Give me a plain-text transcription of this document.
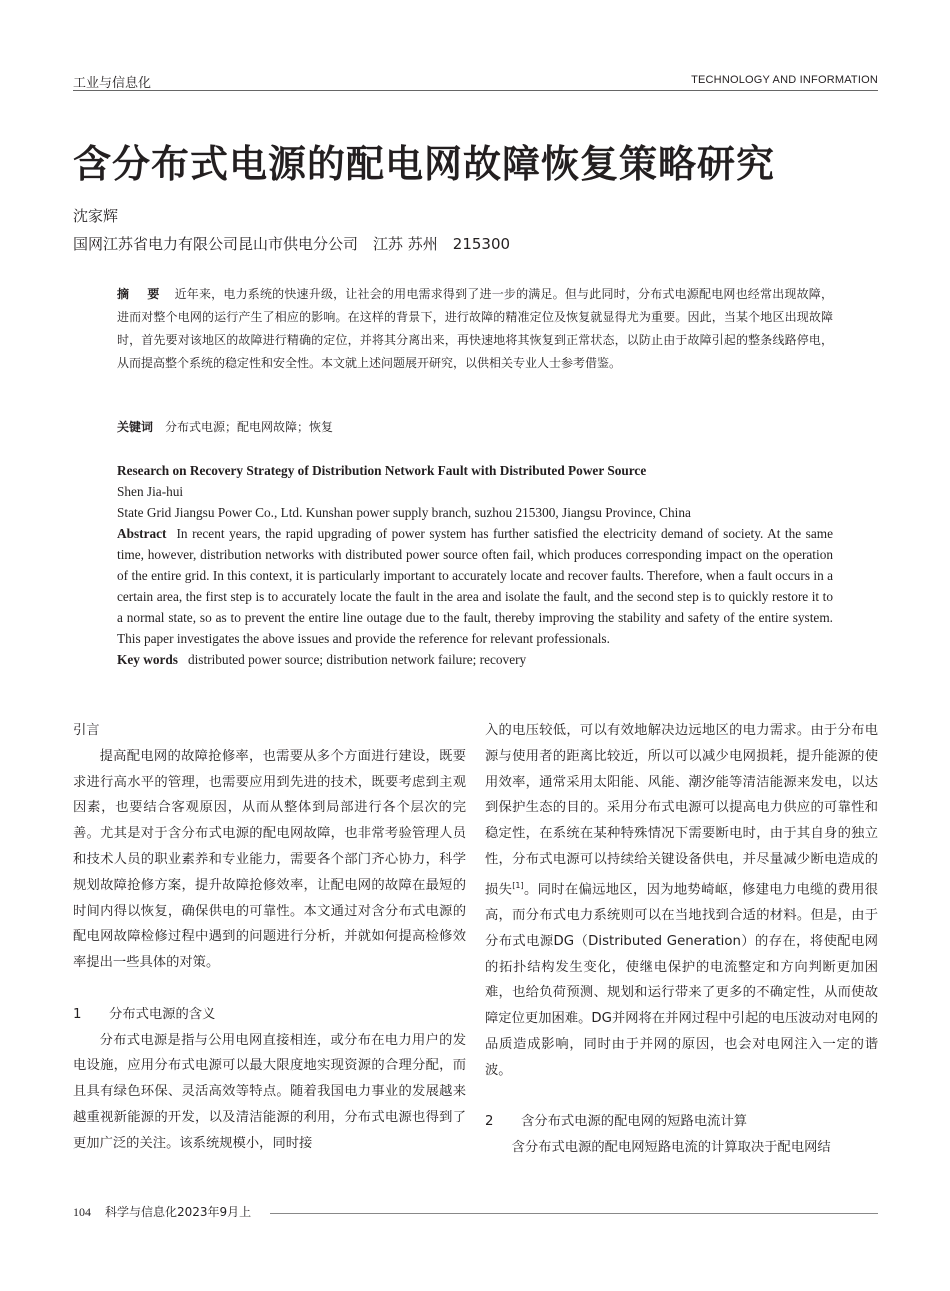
工业与信息化	TECHNOLOGY AND INFORMATION
含分布式电源的配电网故障恢复策略研究
沈家辉
国网江苏省电力有限公司昆山市供电分公司　江苏 苏州　215300
摘　要 近年来，电力系统的快速升级，让社会的用电需求得到了进一步的满足。但与此同时，分布式电源配电网也经常出现故障，进而对整个电网的运行产生了相应的影响。在这样的背景下，进行故障的精准定位及恢复就显得尤为重要。因此，当某个地区出现故障时，首先要对该地区的故障进行精确的定位，并将其分离出来，再快速地将其恢复到正常状态，以防止由于故障引起的整条线路停电，从而提高整个系统的稳定性和安全性。本文就上述问题展开研究，以供相关专业人士参考借鉴。
关键词 分布式电源；配电网故障；恢复
Research on Recovery Strategy of Distribution Network Fault with Distributed Power Source
Shen Jia-hui
State Grid Jiangsu Power Co., Ltd. Kunshan power supply branch, suzhou 215300, Jiangsu Province, China

Abstract In recent years, the rapid upgrading of power system has further satisfied the electricity demand of society. At the same time, however, distribution networks with distributed power source often fail, which produces corresponding impact on the operation of the entire grid. In this context, it is particularly important to accurately locate and recover faults. Therefore, when a fault occurs in a certain area, the first step is to accurately locate the fault in the area and isolate the fault, and the second step is to quickly restore it to a normal state, so as to prevent the entire line outage due to the fault, thereby improving the stability and safety of the entire system. This paper investigates the above issues and provide the reference for relevant professionals.

Key words distributed power source; distribution network failure; recovery

引言

提高配电网的故障抢修率，也需要从多个方面进行建设，既要求进行高水平的管理，也需要应用到先进的技术，既要考虑到主观因素，也要结合客观原因，从而从整体到局部进行各个层次的完善。尤其是对于含分布式电源的配电网故障，也非常考验管理人员和技术人员的职业素养和专业能力，需要各个部门齐心协力，科学规划故障抢修方案，提升故障抢修效率，让配电网的故障在最短的时间内得以恢复，确保供电的可靠性。本文通过对含分布式电源的配电网故障检修过程中遇到的问题进行分析，并就如何提高检修效率提出一些具体的对策。

1 分布式电源的含义

分布式电源是指与公用电网直接相连，或分布在电力用户的发电设施，应用分布式电源可以最大限度地实现资源的合理分配，而且具有绿色环保、灵活高效等特点。随着我国电力事业的发展越来越重视新能源的开发，以及清洁能源的利用，分布式电源也得到了更加广泛的关注。该系统规模小，同时接

入的电压较低，可以有效地解决边远地区的电力需求。由于分布电源与使用者的距离比较近，所以可以减少电网损耗，提升能源的使用效率，通常采用太阳能、风能、潮汐能等清洁能源来发电，以达到保护生态的目的。采用分布式电源可以提高电力供应的可靠性和稳定性，在系统在某种特殊情况下需要断电时，由于其自身的独立性，分布式电源可以持续给关键设备供电，并尽量减少断电造成的损失[1]。同时在偏远地区，因为地势崎岖，修建电力电缆的费用很高，而分布式电力系统则可以在当地找到合适的材料。但是，由于分布式电源DG（Distributed Generation）的存在，将使配电网的拓扑结构发生变化，使继电保护的电流整定和方向判断更加困难，也给负荷预测、规划和运行带来了更多的不确定性，从而使故障定位更加困难。DG并网将在并网过程中引起的电压波动对电网的品质造成影响，同时由于并网的原因，也会对电网注入一定的谐波。

2 含分布式电源的配电网的短路电流计算

含分布式电源的配电网短路电流的计算取决于配电网结

104 科学与信息化2023年9月上
